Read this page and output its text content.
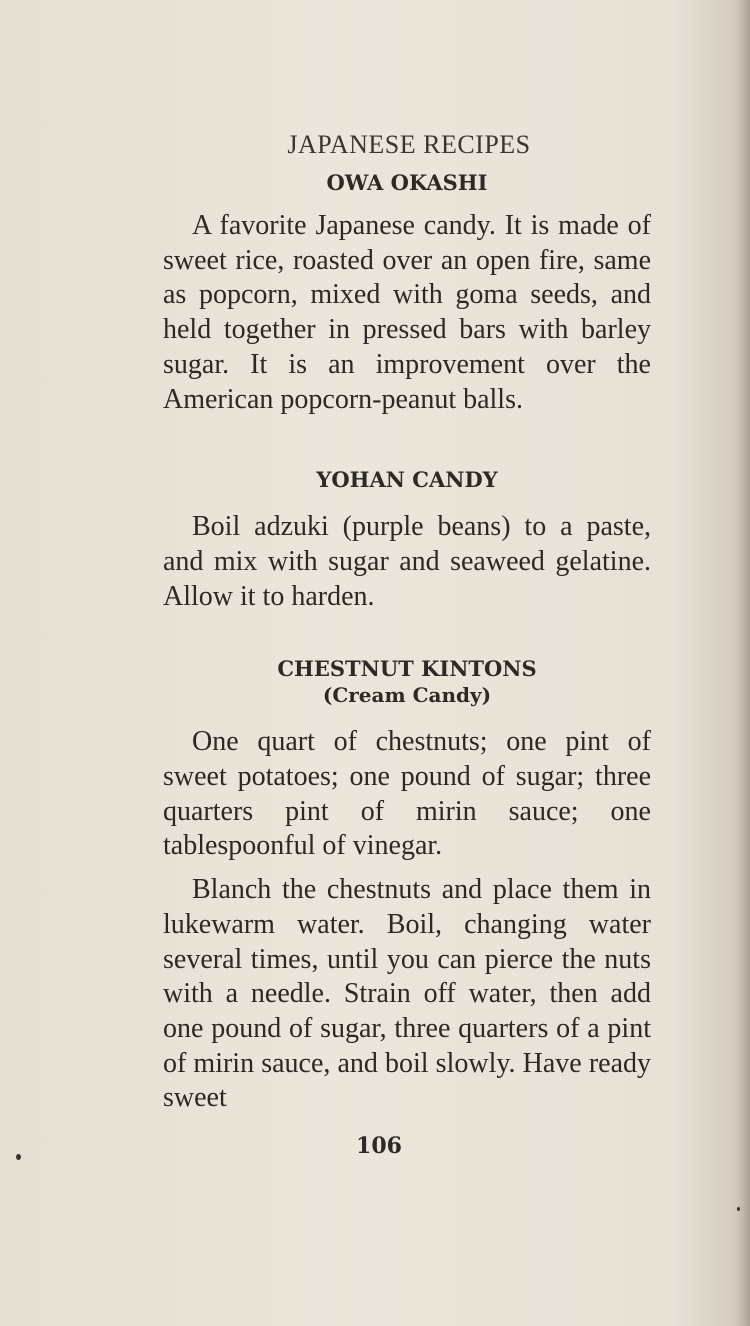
JAPANESE RECIPES
OWA OKASHI

A favorite Japanese candy. It is made of sweet rice, roasted over an open fire, same as popcorn, mixed with goma seeds, and held together in pressed bars with barley sugar. It is an improvement over the American popcorn-peanut balls.

YOHAN CANDY

Boil adzuki (purple beans) to a paste, and mix with sugar and seaweed gelatine. Allow it to harden.

CHESTNUT KINTONS
(Cream Candy)

One quart of chestnuts; one pint of sweet potatoes; one pound of sugar; three quarters pint of mirin sauce; one tablespoonful of vinegar.

Blanch the chestnuts and place them in lukewarm water. Boil, changing water several times, until you can pierce the nuts with a needle. Strain off water, then add one pound of sugar, three quarters of a pint of mirin sauce, and boil slowly. Have ready sweet

106
